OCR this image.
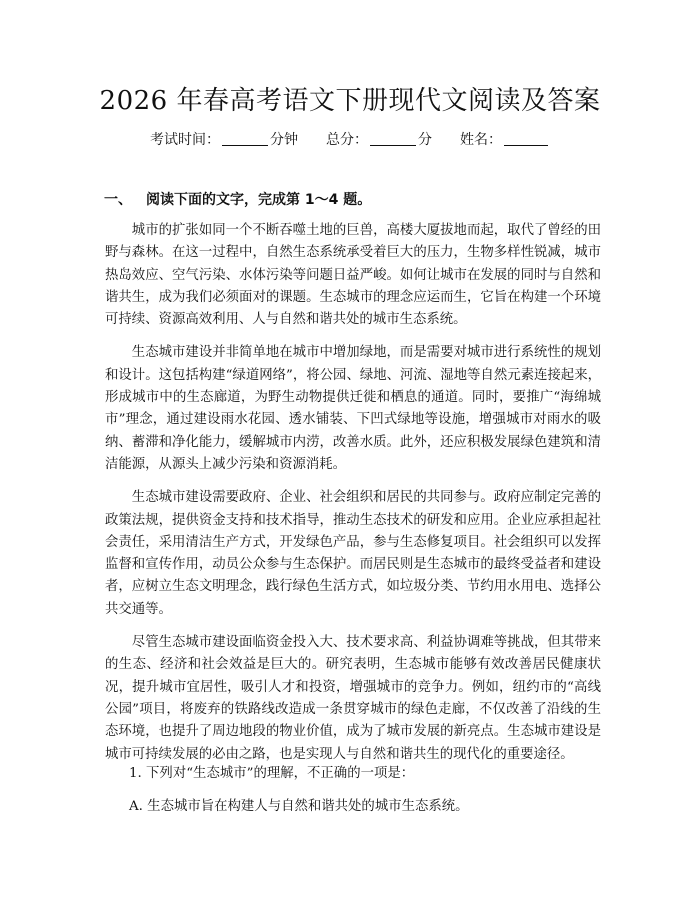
2026 年春高考语文下册现代文阅读及答案
考试时间：	分钟 总分：	分 姓名：
一、 阅读下面的文字，完成第 1～4 题。

城市的扩张如同一个不断吞噬土地的巨兽，高楼大厦拔地而起，取代了曾经的田野与森林。在这一过程中，自然生态系统承受着巨大的压力，生物多样性锐减，城市热岛效应、空气污染、水体污染等问题日益严峻。如何让城市在发展的同时与自然和谐共生，成为我们必须面对的课题。生态城市的理念应运而生，它旨在构建一个环境可持续、资源高效利用、人与自然和谐共处的城市生态系统。

生态城市建设并非简单地在城市中增加绿地，而是需要对城市进行系统性的规划和设计。这包括构建“绿道网络”，将公园、绿地、河流、湿地等自然元素连接起来，形成城市中的生态廊道，为野生动物提供迁徙和栖息的通道。同时，要推广“海绵城市”理念，通过建设雨水花园、透水铺装、下凹式绿地等设施，增强城市对雨水的吸纳、蓄滞和净化能力，缓解城市内涝，改善水质。此外，还应积极发展绿色建筑和清洁能源，从源头上减少污染和资源消耗。

生态城市建设需要政府、企业、社会组织和居民的共同参与。政府应制定完善的政策法规，提供资金支持和技术指导，推动生态技术的研发和应用。企业应承担起社会责任，采用清洁生产方式，开发绿色产品，参与生态修复项目。社会组织可以发挥监督和宣传作用，动员公众参与生态保护。而居民则是生态城市的最终受益者和建设者，应树立生态文明理念，践行绿色生活方式，如垃圾分类、节约用水用电、选择公共交通等。

尽管生态城市建设面临资金投入大、技术要求高、利益协调难等挑战，但其带来的生态、经济和社会效益是巨大的。研究表明，生态城市能够有效改善居民健康状况，提升城市宜居性，吸引人才和投资，增强城市的竞争力。例如，纽约市的“高线公园”项目，将废弃的铁路线改造成一条贯穿城市的绿色走廊，不仅改善了沿线的生态环境，也提升了周边地段的物业价值，成为了城市发展的新亮点。生态城市建设是城市可持续发展的必由之路，也是实现人与自然和谐共生的现代化的重要途径。

1. 下列对“生态城市”的理解，不正确的一项是：
A. 生态城市旨在构建人与自然和谐共处的城市生态系统。
